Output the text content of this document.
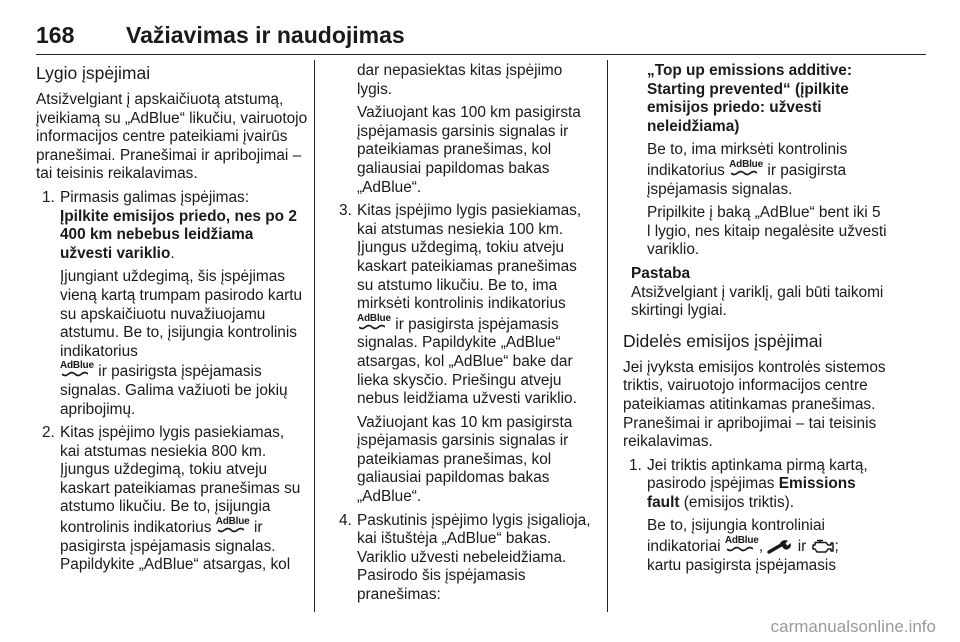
168 Važiavimas ir naudojimas
Lygio įspėjimai

Atsižvelgiant į apskaičiuotą atstumą, įveikiamą su „AdBlue“ likučiu, vairuotojo informacijos centre pateikiami įvairūs pranešimai. Pranešimai ir apribojimai – tai teisinis reikalavimas.

1. Pirmasis galimas įspėjimas:
Įpilkite emisijos priedo, nes po 2 400 km nebebus leidžiama užvesti variklio.

Įjungiant uždegimą, šis įspėjimas vieną kartą trumpam pasirodo kartu su apskaičiuotu nuvažiuojamu atstumu. Be to, įsijungia kontrolinis indikatorius

AdBlue ir pasirigsta įspėjamasis signalas. Galima važiuoti be jokių apribojimų.

2. Kitas įspėjimo lygis pasiekiamas, kai atstumas nesiekia 800 km. Įjungus uždegimą, tokiu atveju kaskart pateikiamas pranešimas su atstumo likučiu. Be to, įsijungia kontrolinis indikatorius AdBlue ir pasigirsta įspėjamasis signalas. Papildykite „AdBlue“ atsargas, kol

dar nepasiektas kitas įspėjimo lygis.

Važiuojant kas 100 km pasigirsta įspėjamasis garsinis signalas ir pateikiamas pranešimas, kol galiausiai papildomas bakas „AdBlue“.

3. Kitas įspėjimo lygis pasiekiamas, kai atstumas nesiekia 100 km. Įjungus uždegimą, tokiu atveju kaskart pateikiamas pranešimas su atstumo likučiu. Be to, ima mirksėti kontrolinis indikatorius

AdBlue ir pasigirsta įspėjamasis signalas. Papildykite „AdBlue“ atsargas, kol „AdBlue“ bake dar lieka skysčio. Priešingu atveju nebus leidžiama užvesti variklio.

Važiuojant kas 10 km pasigirsta įspėjamasis garsinis signalas ir pateikiamas pranešimas, kol galiausiai papildomas bakas „AdBlue“.

4. Paskutinis įspėjimo lygis įsigalioja, kai ištuštėja „AdBlue“ bakas. Variklio užvesti nebeleidžiama. Pasirodo šis įspėjamasis pranešimas:

„Top up emissions additive: Starting prevented“ (įpilkite emisijos priedo: užvesti neleidžiama)

Be to, ima mirksėti kontrolinis indikatorius AdBlue ir pasigirsta įspėjamasis signalas.

Pripilkite į baką „AdBlue“ bent iki 5 l lygio, nes kitaip negalėsite užvesti variklio.

Pastaba

Atsižvelgiant į variklį, gali būti taikomi skirtingi lygiai.

Didelės emisijos įspėjimai

Jei įvyksta emisijos kontrolės sistemos triktis, vairuotojo informacijos centre pateikiamas atitinkamas pranešimas. Pranešimai ir apribojimai – tai teisinis reikalavimas.

1. Jei triktis aptinkama pirmą kartą, pasirodo įspėjimas Emissions fault (emisijos triktis).

Be to, įsijungia kontroliniai indikatoriai AdBlue , ir ;
kartu pasigirsta įspėjamasis

carmanualsonline.info
